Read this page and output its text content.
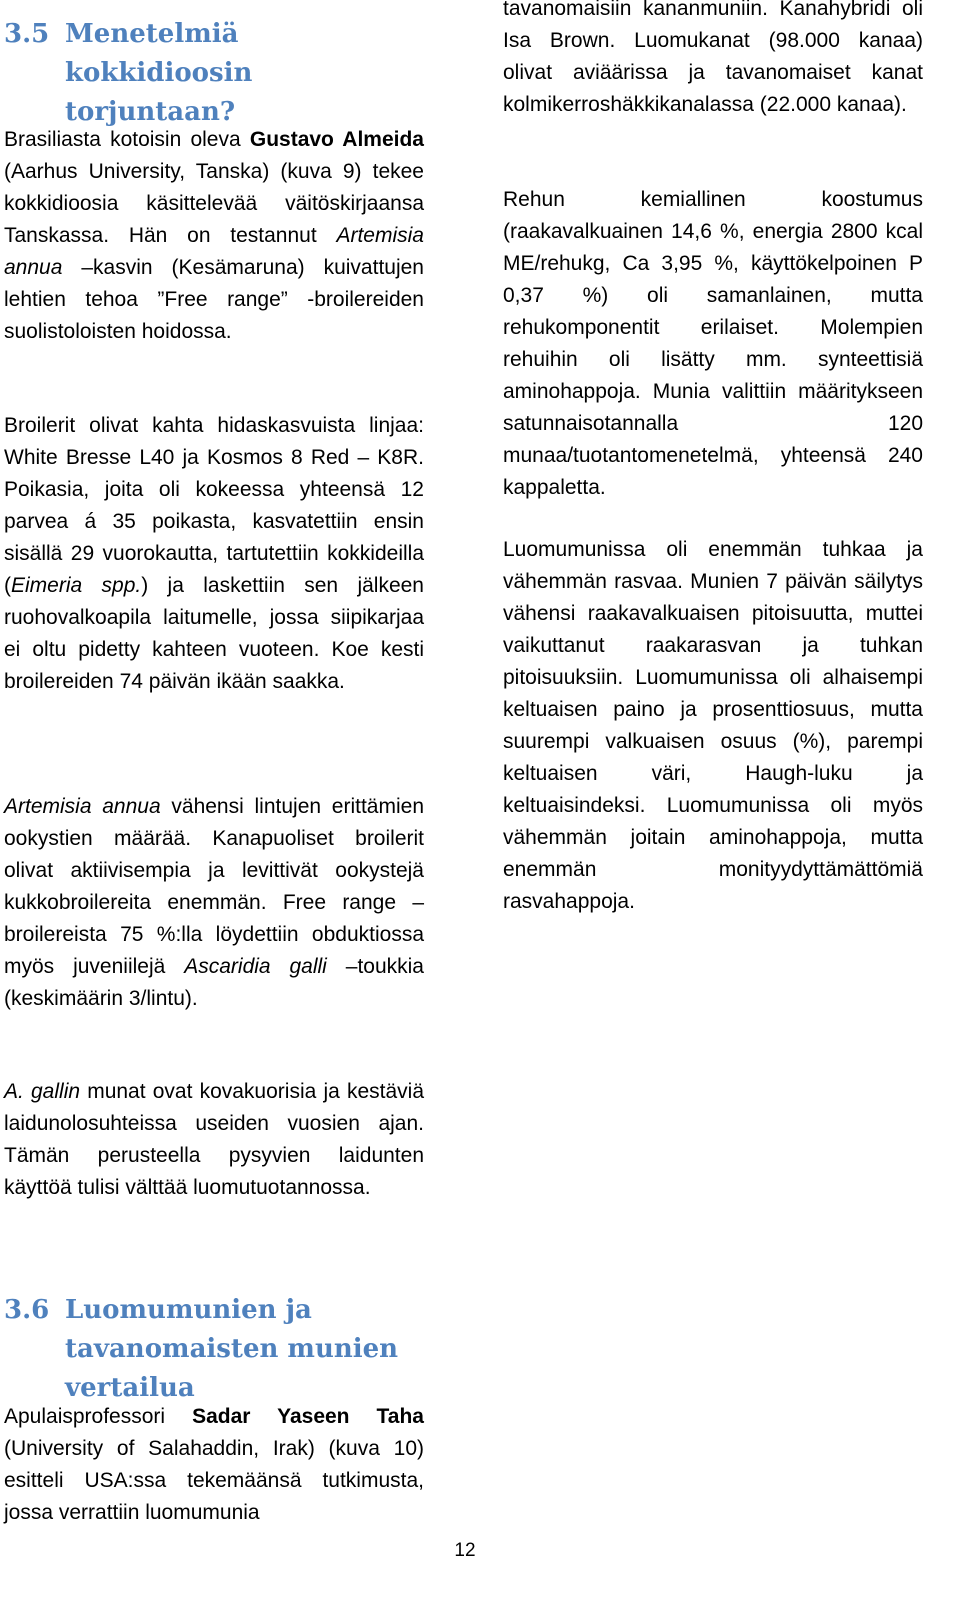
3.5 Menetelmiä kokkidioosin torjuntaan?

Brasiliasta kotoisin oleva Gustavo Almeida (Aarhus University, Tanska) (kuva 9) tekee kokkidioosia käsittelevää väitöskirjaansa Tanskassa. Hän on testannut Artemisia annua –kasvin (Kesämaruna) kuivattujen lehtien tehoa ”Free range” -broilereiden suolistoloisten hoidossa.

Broilerit olivat kahta hidaskasvuista linjaa: White Bresse L40 ja Kosmos 8 Red – K8R. Poikasia, joita oli kokeessa yhteensä 12 parvea á 35 poikasta, kasvatettiin ensin sisällä 29 vuorokautta, tartutettiin kokkideilla (Eimeria spp.) ja laskettiin sen jälkeen ruohovalkoapila laitumelle, jossa siipikarjaa ei oltu pidetty kahteen vuoteen. Koe kesti broilereiden 74 päivän ikään saakka.

Artemisia annua vähensi lintujen erittämien ookystien määrää. Kanapuoliset broilerit olivat aktiivisempia ja levittivät ookystejä kukkobroilereita enemmän. Free range –broilereista 75 %:lla löydettiin obduktiossa myös juveniilejä Ascaridia galli –toukkia (keskimäärin 3/lintu).

A. gallin munat ovat kovakuorisia ja kestäviä laidunolosuhteissa useiden vuosien ajan. Tämän perusteella pysyvien laidunten käyttöä tulisi välttää luomutuotannossa.

3.6 Luomumunien ja tavanomaisten munien vertailua

Apulaisprofessori Sadar Yaseen Taha (University of Salahaddin, Irak) (kuva 10) esitteli USA:ssa tekemäänsä tutkimusta, jossa verrattiin luomumunia

tavanomaisiin kananmuniin. Kanahybridi oli Isa Brown. Luomukanat (98.000 kanaa) olivat aviäärissa ja tavanomaiset kanat kolmikerroshäkkikanalassa (22.000 kanaa).

Rehun kemiallinen koostumus (raakavalkuainen 14,6 %, energia 2800 kcal ME/rehukg, Ca 3,95 %, käyttökelpoinen P 0,37 %) oli samanlainen, mutta rehukomponentit erilaiset. Molempien rehuihin oli lisätty mm. synteettisiä aminohappoja. Munia valittiin määritykseen satunnaisotannalla 120 munaa/tuotantomenetelmä, yhteensä 240 kappaletta.

Luomumunissa oli enemmän tuhkaa ja vähemmän rasvaa. Munien 7 päivän säilytys vähensi raakavalkuaisen pitoisuutta, muttei vaikuttanut raakarasvan ja tuhkan pitoisuuksiin. Luomumunissa oli alhaisempi keltuaisen paino ja prosenttiosuus, mutta suurempi valkuaisen osuus (%), parempi keltuaisen väri, Haugh-luku ja keltuaisindeksi. Luomumunissa oli myös vähemmän joitain aminohappoja, mutta enemmän monityydyttämättömiä rasvahappoja.

12
